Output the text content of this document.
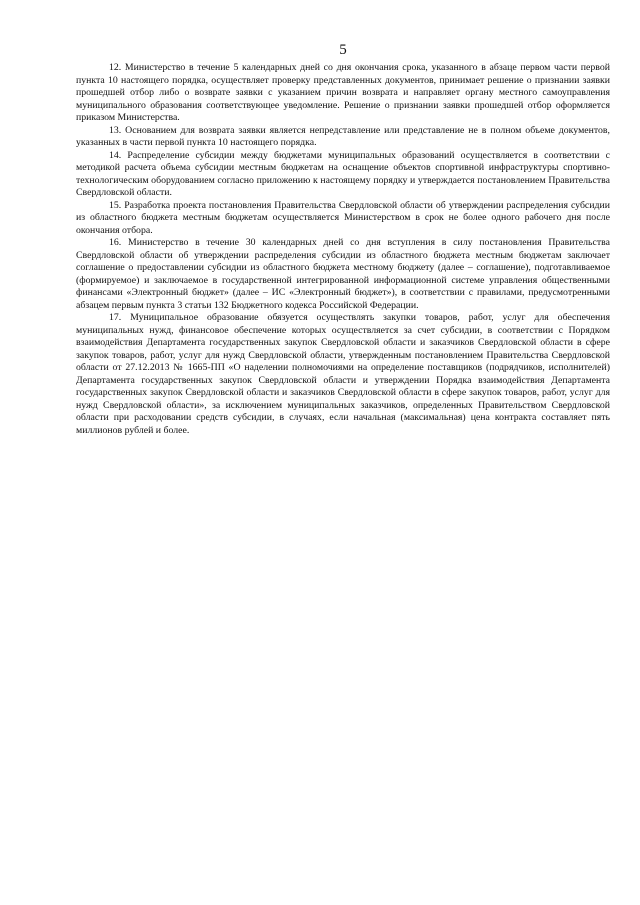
5

12. Министерство в течение 5 календарных дней со дня окончания срока, указанного в абзаце первом части первой пункта 10 настоящего порядка, осуществляет проверку представленных документов, принимает решение о признании заявки прошедшей отбор либо о возврате заявки с указанием причин возврата и направляет органу местного самоуправления муниципального образования соответствующее уведомление. Решение о признании заявки прошедшей отбор оформляется приказом Министерства.

13. Основанием для возврата заявки является непредставление или представление не в полном объеме документов, указанных в части первой пункта 10 настоящего порядка.

14. Распределение субсидии между бюджетами муниципальных образований осуществляется в соответствии с методикой расчета объема субсидии местным бюджетам на оснащение объектов спортивной инфраструктуры спортивно-технологическим оборудованием согласно приложению к настоящему порядку и утверждается постановлением Правительства Свердловской области.

15. Разработка проекта постановления Правительства Свердловской области об утверждении распределения субсидии из областного бюджета местным бюджетам осуществляется Министерством в срок не более одного рабочего дня после окончания отбора.

16. Министерство в течение 30 календарных дней со дня вступления в силу постановления Правительства Свердловской области об утверждении распределения субсидии из областного бюджета местным бюджетам заключает соглашение о предоставлении субсидии из областного бюджета местному бюджету (далее – соглашение), подготавливаемое (формируемое) и заключаемое в государственной интегрированной информационной системе управления общественными финансами «Электронный бюджет» (далее – ИС «Электронный бюджет»), в соответствии с правилами, предусмотренными абзацем первым пункта 3 статьи 132 Бюджетного кодекса Российской Федерации.

17. Муниципальное образование обязуется осуществлять закупки товаров, работ, услуг для обеспечения муниципальных нужд, финансовое обеспечение которых осуществляется за счет субсидии, в соответствии с Порядком взаимодействия Департамента государственных закупок Свердловской области и заказчиков Свердловской области в сфере закупок товаров, работ, услуг для нужд Свердловской области, утвержденным постановлением Правительства Свердловской области от 27.12.2013 № 1665-ПП «О наделении полномочиями на определение поставщиков (подрядчиков, исполнителей) Департамента государственных закупок Свердловской области и утверждении Порядка взаимодействия Департамента государственных закупок Свердловской области и заказчиков Свердловской области в сфере закупок товаров, работ, услуг для нужд Свердловской области», за исключением муниципальных заказчиков, определенных Правительством Свердловской области при расходовании средств субсидии, в случаях, если начальная (максимальная) цена контракта составляет пять миллионов рублей и более.
